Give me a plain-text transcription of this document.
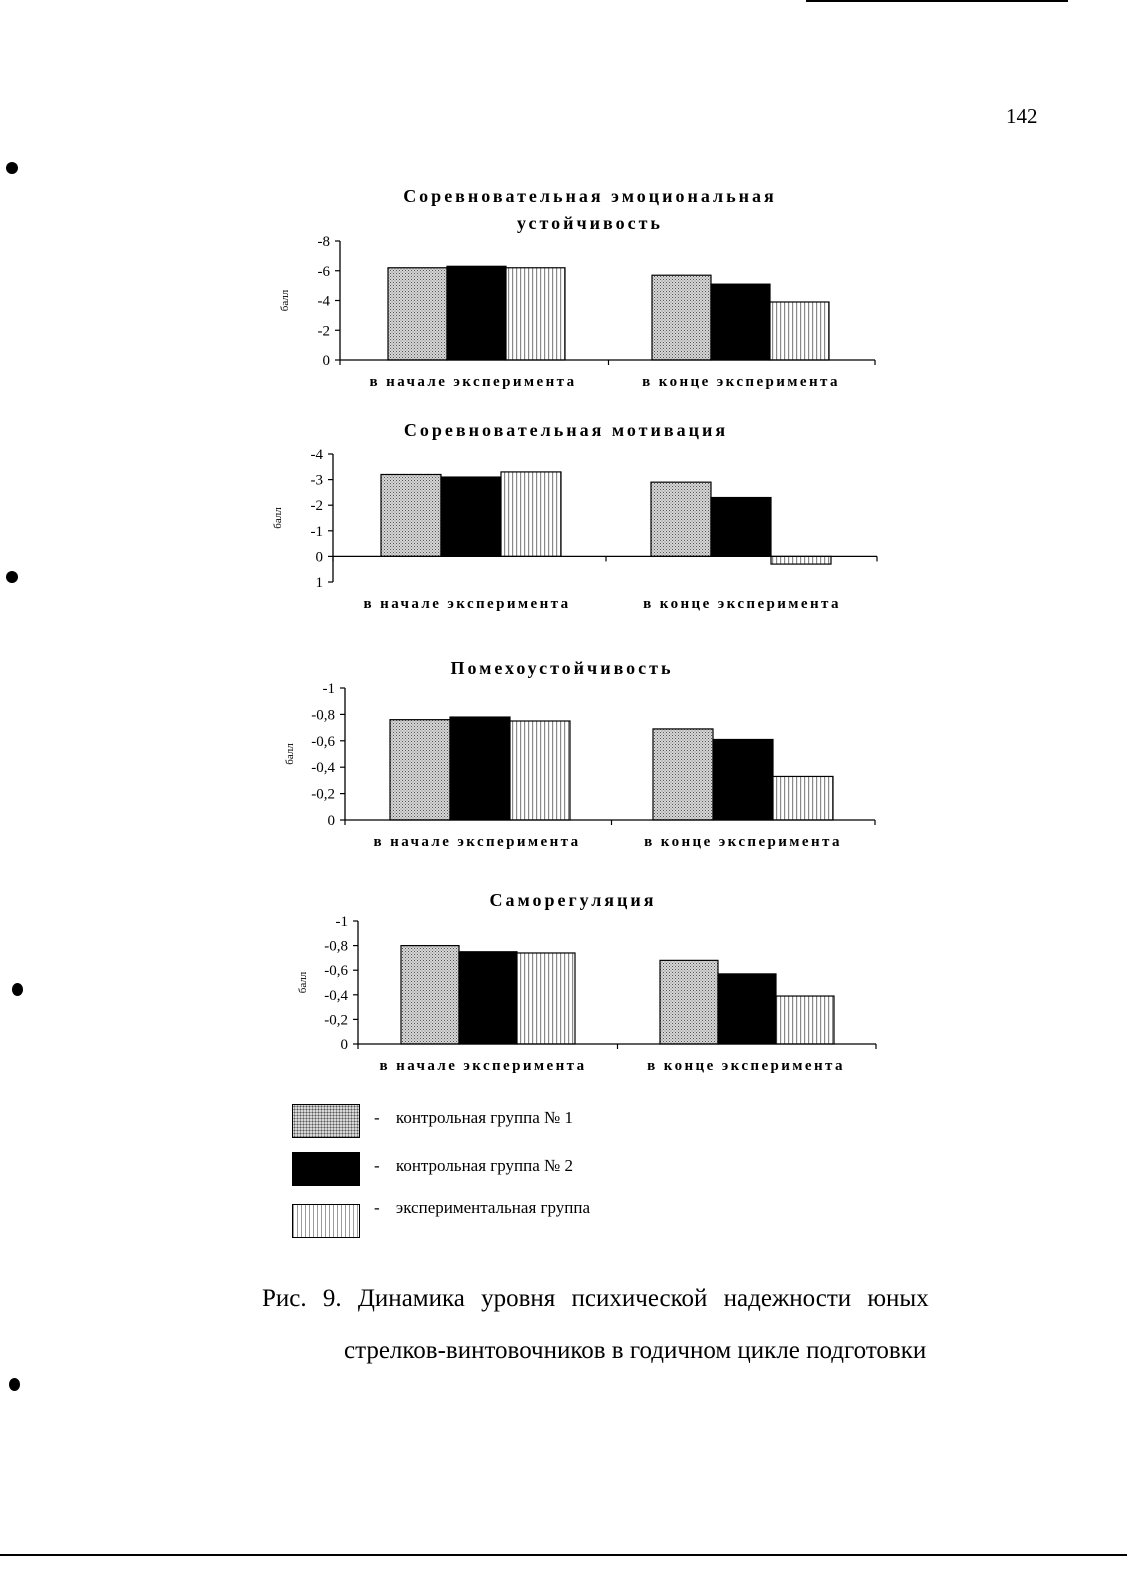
142
Соревновательная эмоциональная
устойчивость
-8
-6
-4
-2
0
балл
в начале эксперимента	в конце эксперимента
Соревновательная мотивация
-4
-3
-2
-1
0
1
балл
в начале эксперимента	в конце эксперимента
Помехоустойчивость
-1
-0,8
-0,6
-0,4
-0,2
0
балл
в начале эксперимента	в конце эксперимента
Саморегуляция
-1
-0,8
-0,6
-0,4
-0,2
0
балл
в начале эксперимента	в конце эксперимента
- контрольная группа № 1
- контрольная группа № 2
- экспериментальная группа
Рис. 9. Динамика уровня психической надежности юных
стрелков-винтовочников в годичном цикле подготовки
